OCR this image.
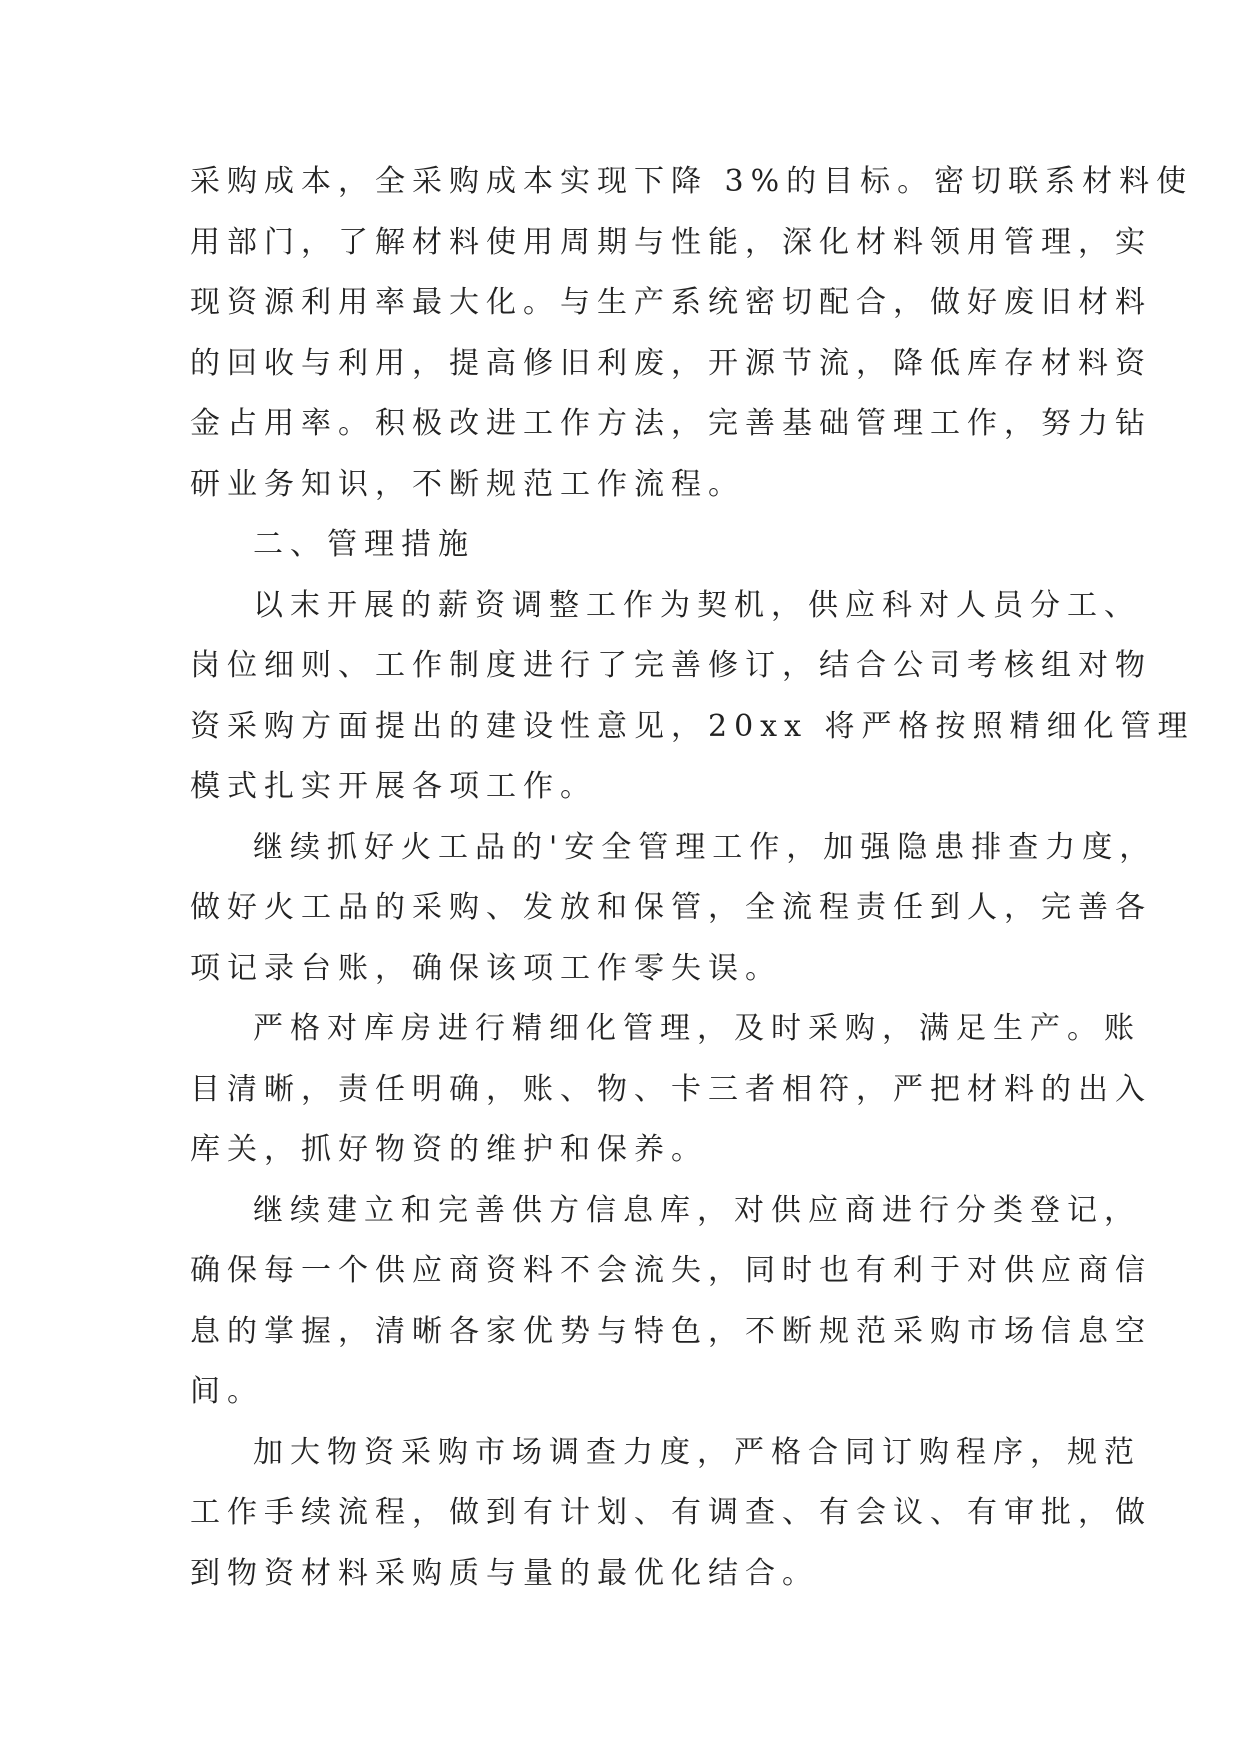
采购成本，全采购成本实现下降 3%的目标。密切联系材料使
用部门，了解材料使用周期与性能，深化材料领用管理，实
现资源利用率最大化。与生产系统密切配合，做好废旧材料
的回收与利用，提高修旧利废，开源节流，降低库存材料资
金占用率。积极改进工作方法，完善基础管理工作，努力钻
研业务知识，不断规范工作流程。
二、管理措施
以末开展的薪资调整工作为契机，供应科对人员分工、
岗位细则、工作制度进行了完善修订，结合公司考核组对物
资采购方面提出的建设性意见，20xx 将严格按照精细化管理
模式扎实开展各项工作。
继续抓好火工品的'安全管理工作，加强隐患排查力度，
做好火工品的采购、发放和保管，全流程责任到人，完善各
项记录台账，确保该项工作零失误。
严格对库房进行精细化管理，及时采购，满足生产。账
目清晰，责任明确，账、物、卡三者相符，严把材料的出入
库关，抓好物资的维护和保养。
继续建立和完善供方信息库，对供应商进行分类登记，
确保每一个供应商资料不会流失，同时也有利于对供应商信
息的掌握，清晰各家优势与特色，不断规范采购市场信息空
间。
加大物资采购市场调查力度，严格合同订购程序，规范
工作手续流程，做到有计划、有调查、有会议、有审批，做
到物资材料采购质与量的最优化结合。
